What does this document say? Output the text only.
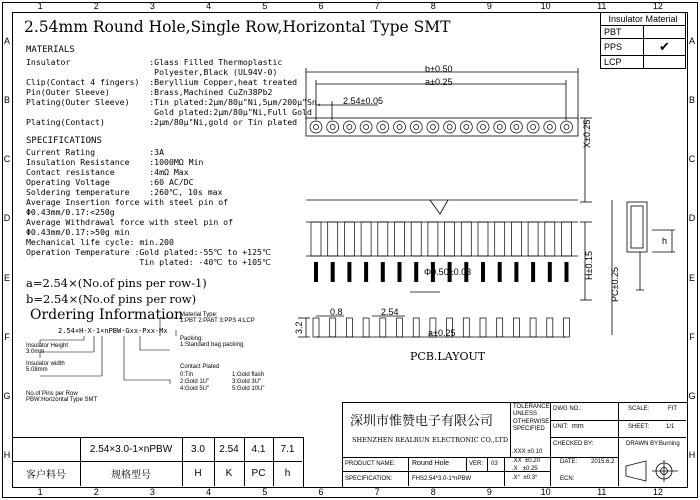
1	2	3	4	5	6	7	8	9	10	11	12
1	2	3	4	5	6	7	8	9	10	11	12
A
B
C
D
E
F
G
H
A
B
C
D
E
F
G
H
2.54mm Round Hole,Single Row,Horizontal Type SMT	Insulator Material	
PBT	
PPS	✔
LCP	
MATERIALS
Insulator                :Glass Filled Thermoplastic
Polyester,Black (UL94V-0)
Clip(Contact 4 fingers)  :Beryllium Copper,heat treated
Pin(Outer Sleeve)        :Brass,Machined CuZn38Pb2
Plating(Outer Sleeve)    :Tin plated:2μm/80μ"Ni,5μm/200μ"Sn,
Gold plated:2μm/80μ"Ni,Full Gold
Plating(Contact)         :2μm/80μ"Ni,gold or Tin plated
SPECIFICATIONS
Current Rating           :3A
Insulation Resistance    :1000MΩ Min
Contact resistance       :4mΩ Max
Operating Voltage        :60 AC/DC
Soldering temperature    :260℃, 10s max
Average Insertion force with steel pin of
Φ0.43mm/0.17:<250g
Average Withdrawal force with steel pin of
Φ0.43mm/0.17:>50g min
Mechanical life cycle: min.200
Operation Temperature :Gold plated:-55℃ to +125℃
Tin plated: -40℃ to +105℃
a=2.54×(No.of pins per row-1)
b=2.54×(No.of pins per row)
Ordering Information
2.54×H-X-1×nPBW-Gxx-Pxx-Mx
Insulator Height
3.0mm
Insulator width
5.08mm
No.of Pins per Row
PBW:Horizontal Type SMT
Material Type:
1:PBT 2:PA6T 3:PPS 4:LCP
Packing:
1:Standard bag packing
Contact Plated
0:Tin	1:Gold flash
2:Gold 1U"	3:Gold 3U"
4:Gold 5U"	5:Gold 10U"
b±0.50
a±0.25
2.54±0.05
X±0.25
H±0.15
Φ0.50±0.03	PC±0.25
h
0.8	2.54
3.2	a±0.25
PCB.LAYOUT
2.54×3.0-1×nPBW	3.0	2.54	4.1	7.1
客户料号	规格型号	H	K	PC	h
深圳市惟赞电子有限公司
SHENZHEN REALRUN ELECTRONIC CO.,LTD
TOLERANCE
UNLESS
OTHERWISE
SPECIFIED
.XXX ±0.10
.XX  ±0.20
.X   ±0.25
.X°  ±0.3°
DWG NO.:
UNIT: mm
CHECKED BY:
DATE: 2015.6.2
ECN:
SCALE:	FIT
SHEET:	1/1
DRAWN BY: Burning
PRODUCT NAME: Round Hole	VER: 03
SPECIFICATION:	FHS2.54*3.0-1*nPBW
